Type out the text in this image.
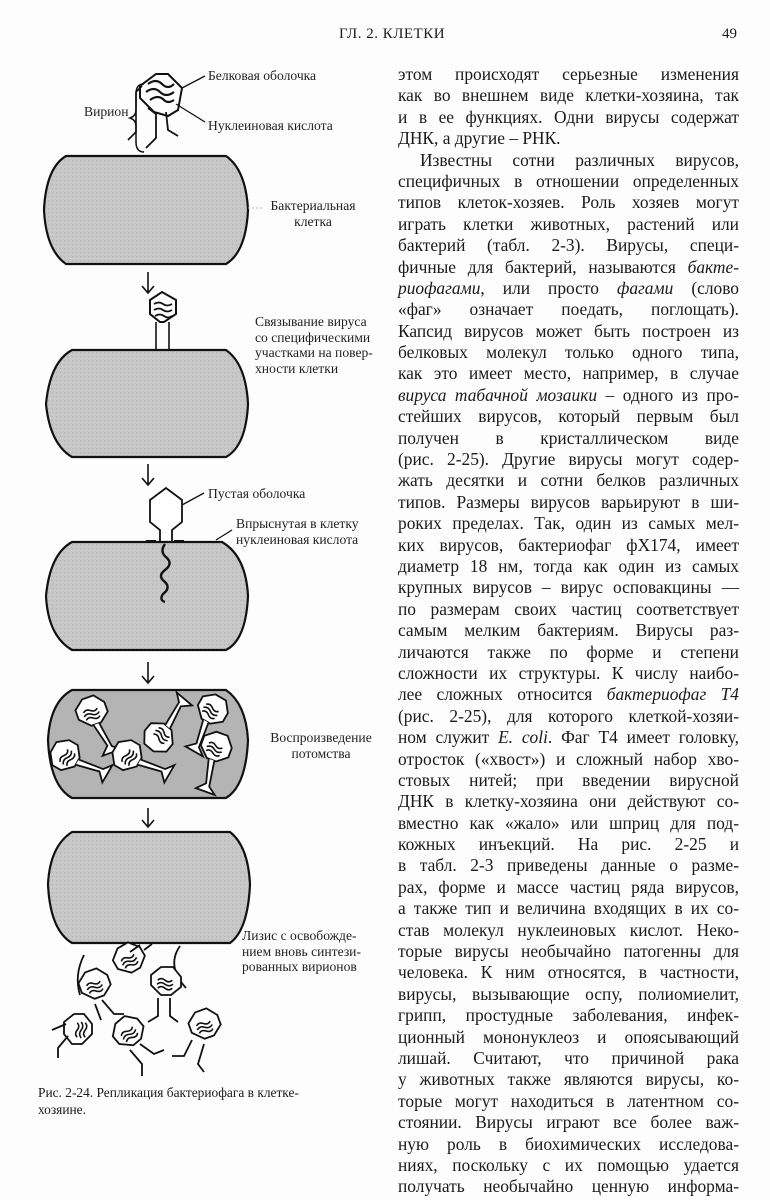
ГЛ. 2. КЛЕТКИ	49
Белковая оболочка
Вирион
Нуклеиновая кислота
Бактериальная
клетка
Связывание вируса
со специфическими
участками на повер-
хности клетки
Пустая оболочка
Впрыснутая в клетку
нуклеиновая кислота
Воспроизведение
потомства
Лизис с освобожде-
нием вновь синтези-
рованных вирионов
Рис. 2-24. Репликация бактериофага в клетке-
хозяине.
этом происходят серьезные изменения
как во внешнем виде клетки-хозяина, так
и в ее функциях. Одни вирусы содержат
ДНК, а другие – РНК.
Известны сотни различных вирусов,
специфичных в отношении определенных
типов клеток-хозяев. Роль хозяев могут
играть клетки животных, растений или
бактерий (табл. 2-3). Вирусы, специ-
фичные для бактерий, называются бакте-
риофагами, или просто фагами (слово
«фаг» означает поедать, поглощать).
Капсид вирусов может быть построен из
белковых молекул только одного типа,
как это имеет место, например, в случае
вируса табачной мозаики – одного из про-
стейших вирусов, который первым был
получен в кристаллическом виде
(рис. 2-25). Другие вирусы могут содер-
жать десятки и сотни белков различных
типов. Размеры вирусов варьируют в ши-
роких пределах. Так, один из самых мел-
ких вирусов, бактериофаг фX174, имеет
диаметр 18 нм, тогда как один из самых
крупных вирусов – вирус осповакцины —
по размерам своих частиц соответствует
самым мелким бактериям. Вирусы раз-
личаются также по форме и степени
сложности их структуры. К числу наибо-
лее сложных относится бактериофаг Т4
(рис. 2-25), для которого клеткой-хозяи-
ном служит E. coli. Фаг Т4 имеет головку,
отросток («хвост») и сложный набор хво-
стовых нитей; при введении вирусной
ДНК в клетку-хозяина они действуют со-
вместно как «жало» или шприц для под-
кожных инъекций. На рис. 2-25 и
в табл. 2-3 приведены данные о разме-
рах, форме и массе частиц ряда вирусов,
а также тип и величина входящих в их со-
став молекул нуклеиновых кислот. Неко-
торые вирусы необычайно патогенны для
человека. К ним относятся, в частности,
вирусы, вызывающие оспу, полиомиелит,
грипп, простудные заболевания, инфек-
ционный мононуклеоз и опоясывающий
лишай. Считают, что причиной рака
у животных также являются вирусы, ко-
торые могут находиться в латентном со-
стоянии. Вирусы играют все более важ-
ную роль в биохимических исследова-
ниях, поскольку с их помощью удается
получать необычайно ценную информа-
